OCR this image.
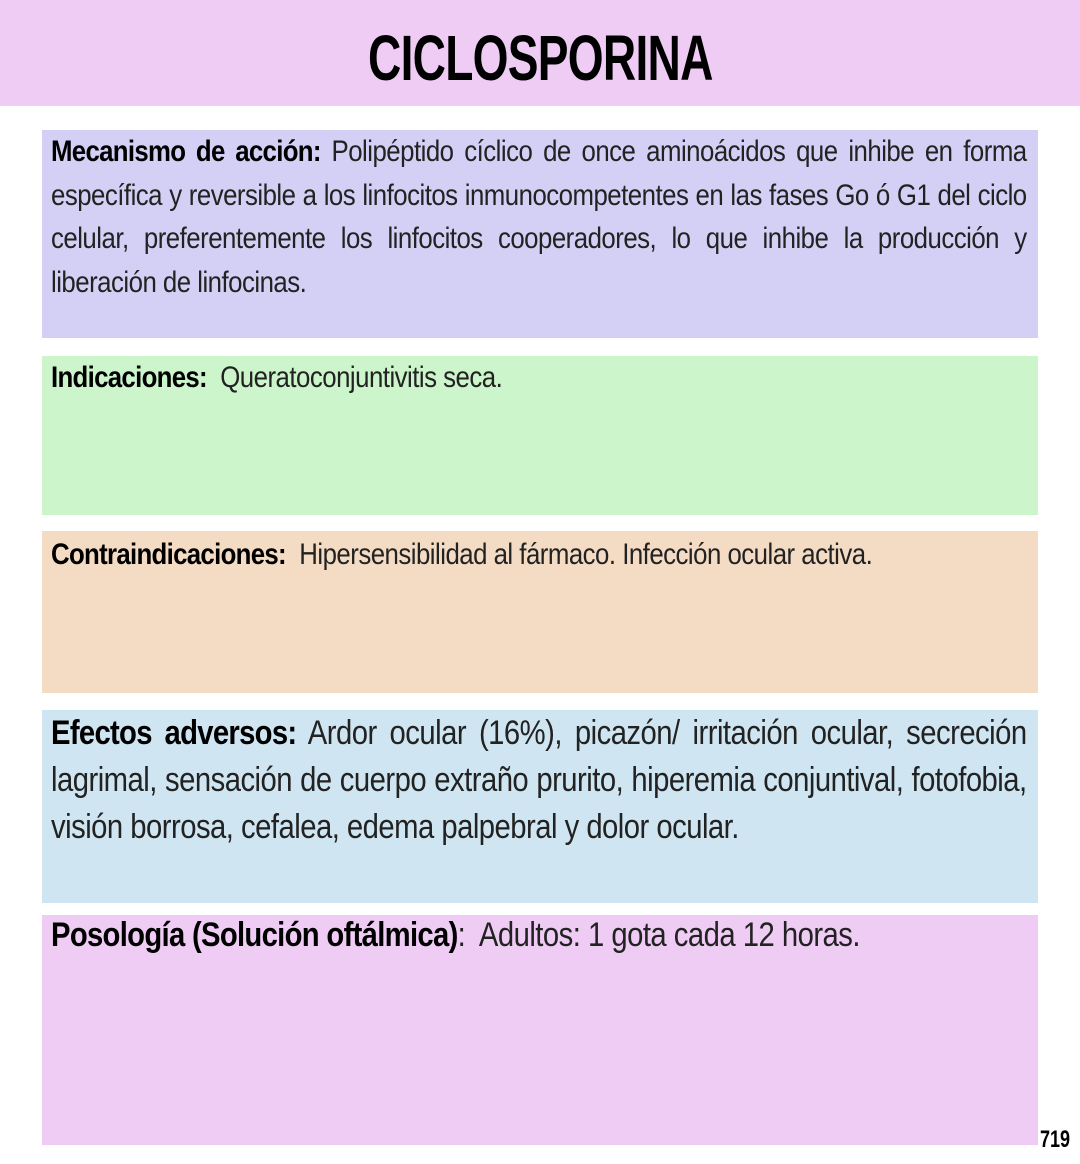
CICLOSPORINA
Mecanismo de acción: Polipéptido cíclico de once aminoácidos que inhibe en forma específica y reversible a los linfocitos inmunocompetentes en las fases Go ó G1 del ciclo celular, preferentemente los linfocitos cooperadores, lo que inhibe la producción y liberación de linfocinas.
Indicaciones:  Queratoconjuntivitis seca.
Contraindicaciones:  Hipersensibilidad al fármaco. Infección ocular activa.
Efectos adversos: Ardor ocular (16%), picazón/ irritación ocular, secreción lagrimal, sensación de cuerpo extraño prurito, hiperemia conjuntival, fotofobia, visión borrosa, cefalea, edema palpebral y dolor ocular.
Posología (Solución oftálmica):  Adultos: 1 gota cada 12 horas.
719
